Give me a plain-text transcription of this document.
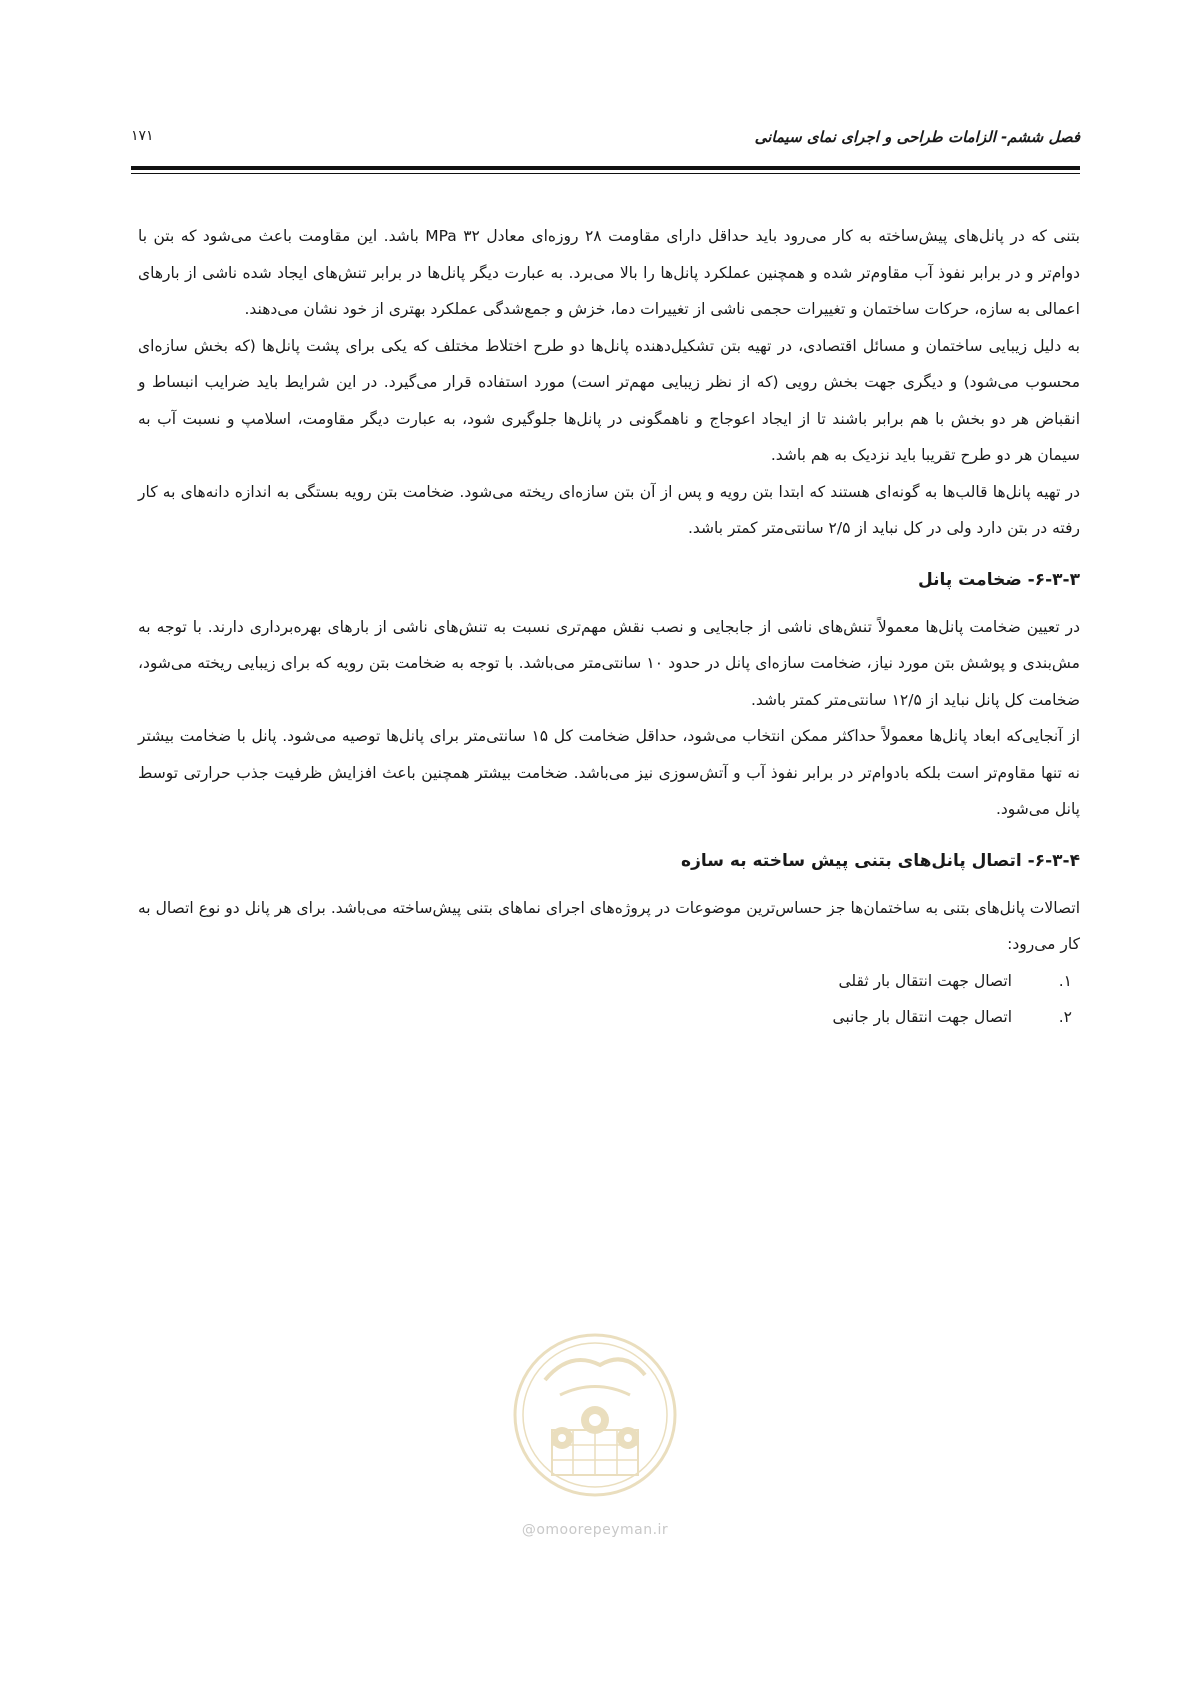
فصل ششم- الزامات طراحی و اجرای نمای سیمانی
۱۷۱

بتنی که در پانل‌های پیش‌ساخته به کار می‌رود باید حداقل دارای مقاومت ۲۸ روزه‌ای معادل ۳۲ MPa باشد. این مقاومت باعث می‌شود که بتن با دوام‌تر و در برابر نفوذ آب مقاوم‌تر شده و همچنین عملکرد پانل‌ها را بالا می‌برد. به عبارت دیگر پانل‌ها در برابر تنش‌های ایجاد شده ناشی از بارهای اعمالی به سازه، حرکات ساختمان و تغییرات حجمی ناشی از تغییرات دما، خزش و جمع‌شدگی عملکرد بهتری از خود نشان می‌دهند.

به دلیل زیبایی ساختمان و مسائل اقتصادی، در تهیه بتن تشکیل‌دهنده پانل‌ها دو طرح اختلاط مختلف که یکی برای پشت پانل‌ها (که بخش سازه‌ای محسوب می‌شود) و دیگری جهت بخش رویی (که از نظر زیبایی مهم‌تر است) مورد استفاده قرار می‌گیرد. در این شرایط باید ضرایب انبساط و انقباض هر دو بخش با هم برابر باشند تا از ایجاد اعوجاج و ناهمگونی در پانل‌ها جلوگیری شود، به عبارت دیگر مقاومت، اسلامپ و نسبت آب به سیمان هر دو طرح تقریبا باید نزدیک به هم باشد.

در تهیه پانل‌ها قالب‌ها به گونه‌ای هستند که ابتدا بتن رویه و پس از آن بتن سازه‌ای ریخته می‌شود. ضخامت بتن رویه بستگی به اندازه دانه‌های به کار رفته در بتن دارد ولی در کل نباید از ۲/۵ سانتی‌متر کمتر باشد.

۶-۳-۳- ضخامت پانل

در تعیین ضخامت پانل‌ها معمولاً تنش‌های ناشی از جابجایی و نصب نقش مهم‌تری نسبت به تنش‌های ناشی از بارهای بهره‌برداری دارند. با توجه به مش‌بندی و پوشش بتن مورد نیاز، ضخامت سازه‌ای پانل در حدود ۱۰ سانتی‌متر می‌باشد. با توجه به ضخامت بتن رویه که برای زیبایی ریخته می‌شود، ضخامت کل پانل نباید از ۱۲/۵ سانتی‌متر کمتر باشد.

از آنجایی‌که ابعاد پانل‌ها معمولاً حداکثر ممکن انتخاب می‌شود، حداقل ضخامت کل ۱۵ سانتی‌متر برای پانل‌ها توصیه می‌شود. پانل با ضخامت بیشتر نه تنها مقاوم‌تر است بلکه بادوام‌تر در برابر نفوذ آب و آتش‌سوزی نیز می‌باشد. ضخامت بیشتر همچنین باعث افزایش ظرفیت جذب حرارتی توسط پانل می‌شود.

۶-۳-۴- اتصال پانل‌های بتنی پیش ساخته به سازه

اتصالات پانل‌های بتنی به ساختمان‌ها جز حساس‌ترین موضوعات در پروژه‌های اجرای نماهای بتنی پیش‌ساخته می‌باشد. برای هر پانل دو نوع اتصال به کار می‌رود:

۱.اتصال جهت انتقال بار ثقلی
۲.اتصال جهت انتقال بار جانبی
@omoorepeyman.ir
